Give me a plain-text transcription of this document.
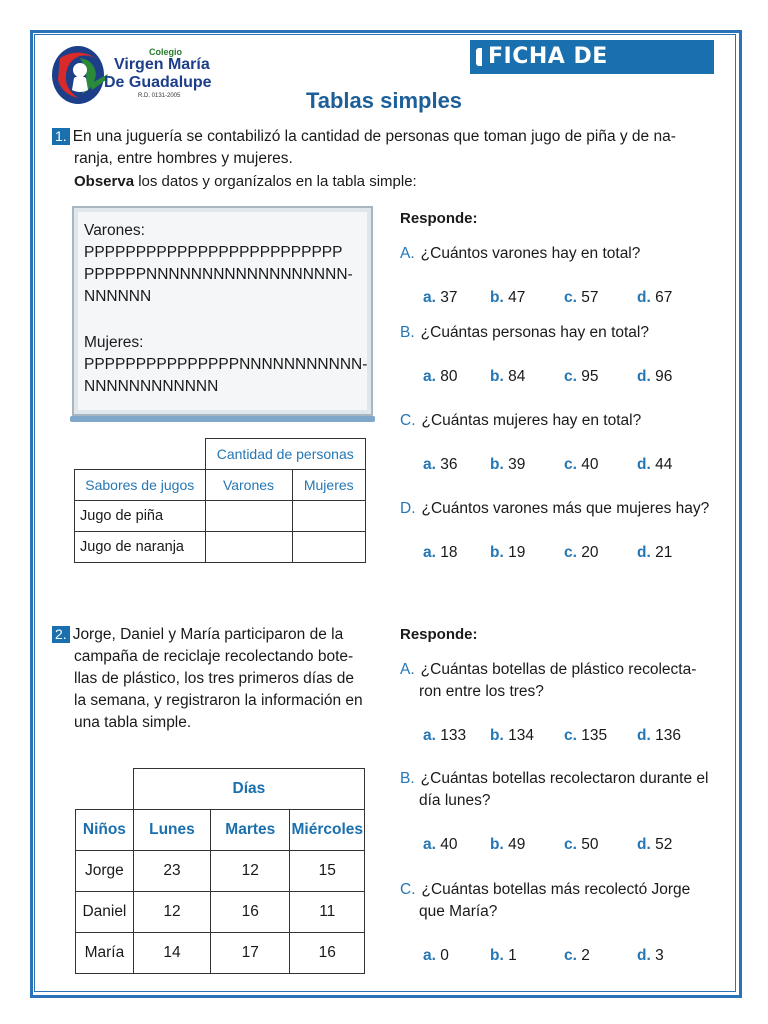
Colegio
Virgen María
De Guadalupe
R.D. 0131-2005
FICHA DE PRACTICA
Tablas simples
1. En una juguería se contabilizó la cantidad de personas que toman jugo de piña y de na-
ranja, entre hombres y mujeres.
Observa los datos y organízalos en la tabla simple:
Varones:
PPPPPPPPPPPPPPPPPPPPPPPPP
PPPPPPNNNNNNNNNNNNNNNNNN-
NNNNNN
Mujeres:
PPPPPPPPPPPPPPPNNNNNNNNNNN-
NNNNNNNNNNNN
	Cantidad de personas	
Sabores de jugos	Varones	Mujeres
Jugo de piña		
Jugo de naranja		
Responde:
A. ¿Cuántos varones hay en total?
a. 37 b. 47 c. 57 d. 67
B. ¿Cuántas personas hay en total?
a. 80 b. 84 c. 95 d. 96
C. ¿Cuántas mujeres hay en total?
a. 36 b. 39 c. 40 d. 44
D. ¿Cuántos varones más que mujeres hay?
a. 18 b. 19 c. 20 d. 21
2. Jorge, Daniel y María participaron de la
campaña de reciclaje recolectando bote-
llas de plástico, los tres primeros días de
la semana, y registraron la información en
una tabla simple.
	Días		
Niños	Lunes	Martes	Miércoles
Jorge	23	12	15
Daniel	12	16	11
María	14	17	16
Responde:
A. ¿Cuántas botellas de plástico recolecta-
ron entre los tres?
a. 133 b. 134 c. 135 d. 136
B. ¿Cuántas botellas recolectaron durante el
día lunes?
a. 40 b. 49 c. 50 d. 52
C. ¿Cuántas botellas más recolectó Jorge
que María?
a. 0	b. 1	c. 2	d. 3
